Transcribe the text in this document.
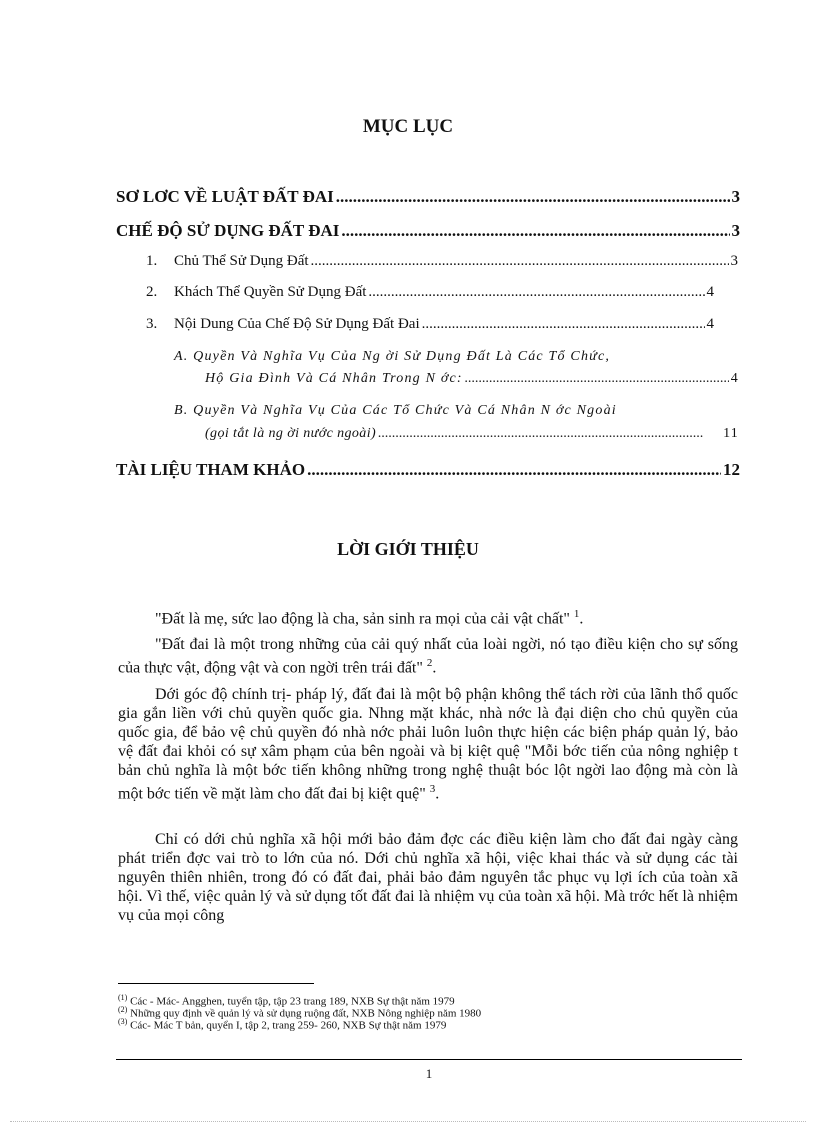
MỤC LỤC
SƠ LƠC VỀ LUẬT ĐẤT ĐAI .....	3
CHẾ ĐỘ SỬ DỤNG ĐẤT ĐAI .....	3
1. Chủ Thể Sử Dụng Đất .....	3
2. Khách Thể Quyền Sử Dụng Đất .....	4
3. Nội Dung Của Chế Độ Sử Dụng Đất Đai .....	4
A. Quyền Và Nghĩa Vụ Của Ng ời Sử Dụng Đất Là Các Tổ Chức,
Hộ Gia Đình Và Cá Nhân Trong N ớc: .....	4
B. Quyền Và Nghĩa Vụ Của Các Tổ Chức Và Cá Nhân N ớc Ngoài
(gọi tắt là ng ời nước ngoài) .....	11
TÀI LIỆU THAM KHẢO .....	12
LỜI GIỚI THIỆU
"Đất là mẹ, sức lao động là cha, sản sinh ra mọi của cải vật chất" $^1$.
"Đất đai là một trong những của cải quý nhất của loài ngời, nó tạo điều kiện cho sự sống của thực vật, động vật và con ngời trên trái đất" $^2$.
Dới góc độ chính trị- pháp lý, đất đai là một bộ phận không thể tách rời của lãnh thổ quốc gia gắn liền với chủ quyền quốc gia. Nhng mặt khác, nhà nớc là đại diện cho chủ quyền của quốc gia, để bảo vệ chủ quyền đó nhà nớc phải luôn luôn thực hiện các biện pháp quản lý, bảo vệ đất đai khỏi có sự xâm phạm của bên ngoài và bị kiệt quệ "Mỗi bớc tiến của nông nghiệp t bản chủ nghĩa là một bớc tiến không những trong nghệ thuật bóc lột ngời lao động mà còn là một bớc tiến về mặt làm cho đất đai bị kiệt quệ" $^3$.
Chỉ có dới chủ nghĩa xã hội mới bảo đảm đợc các điều kiện làm cho đất đai ngày càng phát triển đợc vai trò to lớn của nó. Dới chủ nghĩa xã hội, việc khai thác và sử dụng các tài nguyên thiên nhiên, trong đó có đất đai, phải bảo đảm nguyên tắc phục vụ lợi ích của toàn xã hội. Vì thế, việc quản lý và sử dụng tốt đất đai là nhiệm vụ của toàn xã hội. Mà trớc hết là nhiệm vụ của mọi công
$^{(1)}$ Các - Mác- Angghen, tuyển tập, tập 23 trang 189, NXB Sự thật năm 1979
$^{(2)}$ Những quy định về quản lý và sử dụng ruộng đất, NXB Nông nghiệp năm 1980
$^{(3)}$ Các- Mác T bản, quyển I, tập 2, trang 259- 260, NXB Sự thật năm 1979
1
